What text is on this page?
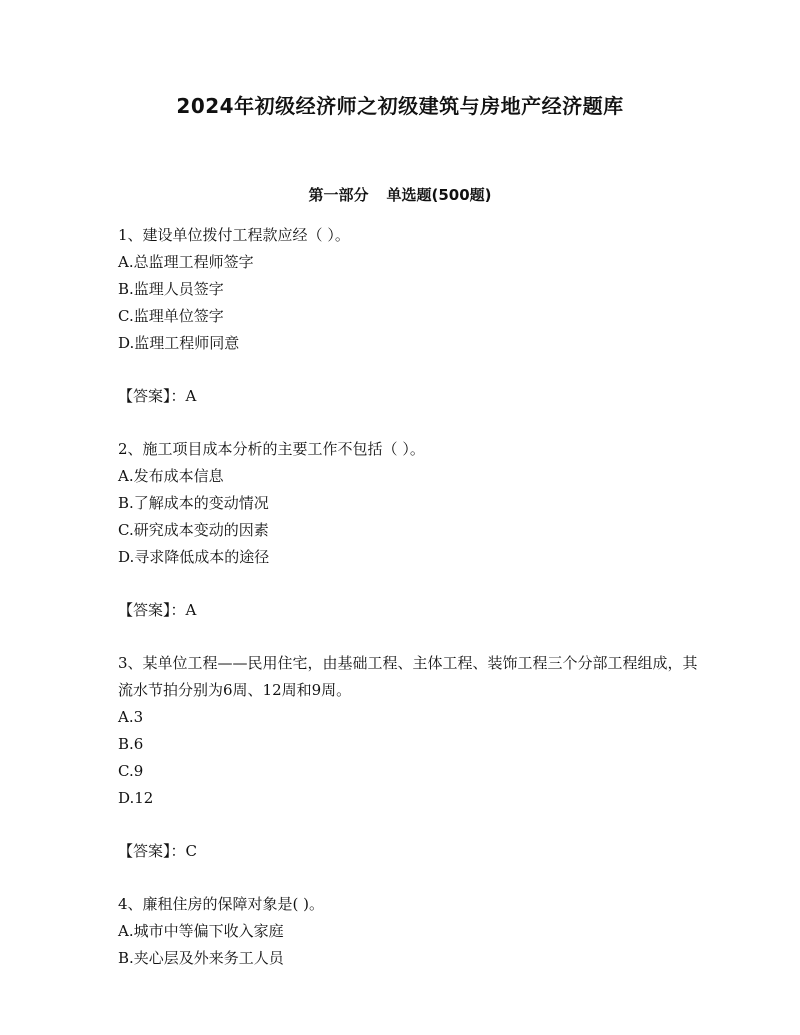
2024年初级经济师之初级建筑与房地产经济题库
第一部分 单选题(500题)

1、建设单位拨付工程款应经（ ）。

A.总监理工程师签字

B.监理人员签字

C.监理单位签字

D.监理工程师同意

【答案】：A

2、施工项目成本分析的主要工作不包括（ ）。

A.发布成本信息

B.了解成本的变动情况

C.研究成本变动的因素

D.寻求降低成本的途径

【答案】：A

3、某单位工程——民用住宅，由基础工程、主体工程、装饰工程三个分部工程组成，其流水节拍分别为6周、12周和9周。

A.3

B.6

C.9

D.12

【答案】：C

4、廉租住房的保障对象是( )。

A.城市中等偏下收入家庭

B.夹心层及外来务工人员
